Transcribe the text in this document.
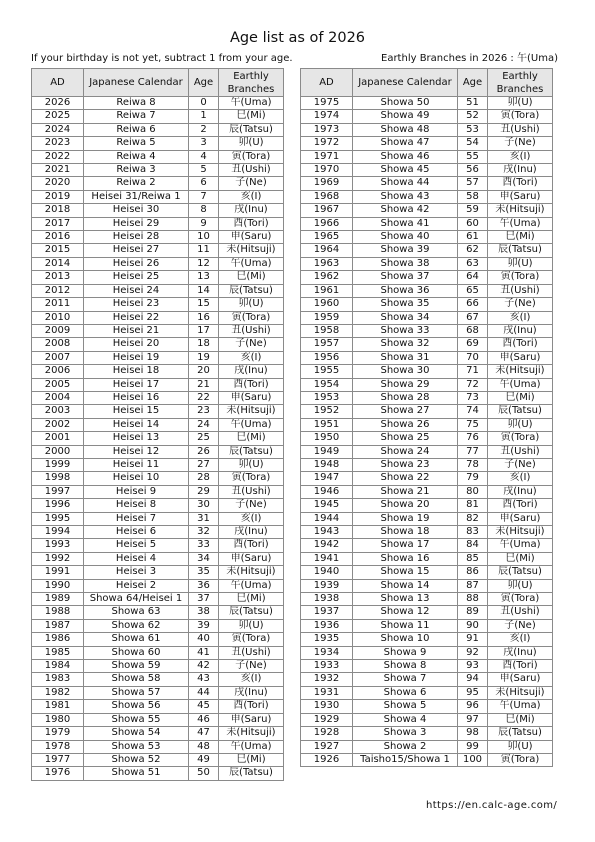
Age list as of 2026
If your birthday is not yet, subtract 1 from your age.	Earthly Branches in 2026 : 午(Uma)
AD	Japanese Calendar	Age	Earthly
Branches
2026	Reiwa 8	0	午(Uma)
2025	Reiwa 7	1	巳(Mi)
2024	Reiwa 6	2	辰(Tatsu)
2023	Reiwa 5	3	卯(U)
2022	Reiwa 4	4	寅(Tora)
2021	Reiwa 3	5	丑(Ushi)
2020	Reiwa 2	6	子(Ne)
2019	Heisei 31/Reiwa 1	7	亥(I)
2018	Heisei 30	8	戌(Inu)
2017	Heisei 29	9	酉(Tori)
2016	Heisei 28	10	申(Saru)
2015	Heisei 27	11	未(Hitsuji)
2014	Heisei 26	12	午(Uma)
2013	Heisei 25	13	巳(Mi)
2012	Heisei 24	14	辰(Tatsu)
2011	Heisei 23	15	卯(U)
2010	Heisei 22	16	寅(Tora)
2009	Heisei 21	17	丑(Ushi)
2008	Heisei 20	18	子(Ne)
2007	Heisei 19	19	亥(I)
2006	Heisei 18	20	戌(Inu)
2005	Heisei 17	21	酉(Tori)
2004	Heisei 16	22	申(Saru)
2003	Heisei 15	23	未(Hitsuji)
2002	Heisei 14	24	午(Uma)
2001	Heisei 13	25	巳(Mi)
2000	Heisei 12	26	辰(Tatsu)
1999	Heisei 11	27	卯(U)
1998	Heisei 10	28	寅(Tora)
1997	Heisei 9	29	丑(Ushi)
1996	Heisei 8	30	子(Ne)
1995	Heisei 7	31	亥(I)
1994	Heisei 6	32	戌(Inu)
1993	Heisei 5	33	酉(Tori)
1992	Heisei 4	34	申(Saru)
1991	Heisei 3	35	未(Hitsuji)
1990	Heisei 2	36	午(Uma)
1989	Showa 64/Heisei 1	37	巳(Mi)
1988	Showa 63	38	辰(Tatsu)
1987	Showa 62	39	卯(U)
1986	Showa 61	40	寅(Tora)
1985	Showa 60	41	丑(Ushi)
1984	Showa 59	42	子(Ne)
1983	Showa 58	43	亥(I)
1982	Showa 57	44	戌(Inu)
1981	Showa 56	45	酉(Tori)
1980	Showa 55	46	申(Saru)
1979	Showa 54	47	未(Hitsuji)
1978	Showa 53	48	午(Uma)
1977	Showa 52	49	巳(Mi)
1976	Showa 51	50	辰(Tatsu)
AD	Japanese Calendar	Age	Earthly
Branches
1975	Showa 50	51	卯(U)
1974	Showa 49	52	寅(Tora)
1973	Showa 48	53	丑(Ushi)
1972	Showa 47	54	子(Ne)
1971	Showa 46	55	亥(I)
1970	Showa 45	56	戌(Inu)
1969	Showa 44	57	酉(Tori)
1968	Showa 43	58	申(Saru)
1967	Showa 42	59	未(Hitsuji)
1966	Showa 41	60	午(Uma)
1965	Showa 40	61	巳(Mi)
1964	Showa 39	62	辰(Tatsu)
1963	Showa 38	63	卯(U)
1962	Showa 37	64	寅(Tora)
1961	Showa 36	65	丑(Ushi)
1960	Showa 35	66	子(Ne)
1959	Showa 34	67	亥(I)
1958	Showa 33	68	戌(Inu)
1957	Showa 32	69	酉(Tori)
1956	Showa 31	70	申(Saru)
1955	Showa 30	71	未(Hitsuji)
1954	Showa 29	72	午(Uma)
1953	Showa 28	73	巳(Mi)
1952	Showa 27	74	辰(Tatsu)
1951	Showa 26	75	卯(U)
1950	Showa 25	76	寅(Tora)
1949	Showa 24	77	丑(Ushi)
1948	Showa 23	78	子(Ne)
1947	Showa 22	79	亥(I)
1946	Showa 21	80	戌(Inu)
1945	Showa 20	81	酉(Tori)
1944	Showa 19	82	申(Saru)
1943	Showa 18	83	未(Hitsuji)
1942	Showa 17	84	午(Uma)
1941	Showa 16	85	巳(Mi)
1940	Showa 15	86	辰(Tatsu)
1939	Showa 14	87	卯(U)
1938	Showa 13	88	寅(Tora)
1937	Showa 12	89	丑(Ushi)
1936	Showa 11	90	子(Ne)
1935	Showa 10	91	亥(I)
1934	Showa 9	92	戌(Inu)
1933	Showa 8	93	酉(Tori)
1932	Showa 7	94	申(Saru)
1931	Showa 6	95	未(Hitsuji)
1930	Showa 5	96	午(Uma)
1929	Showa 4	97	巳(Mi)
1928	Showa 3	98	辰(Tatsu)
1927	Showa 2	99	卯(U)
1926	Taisho15/Showa 1	100	寅(Tora)
https://en.calc-age.com/
